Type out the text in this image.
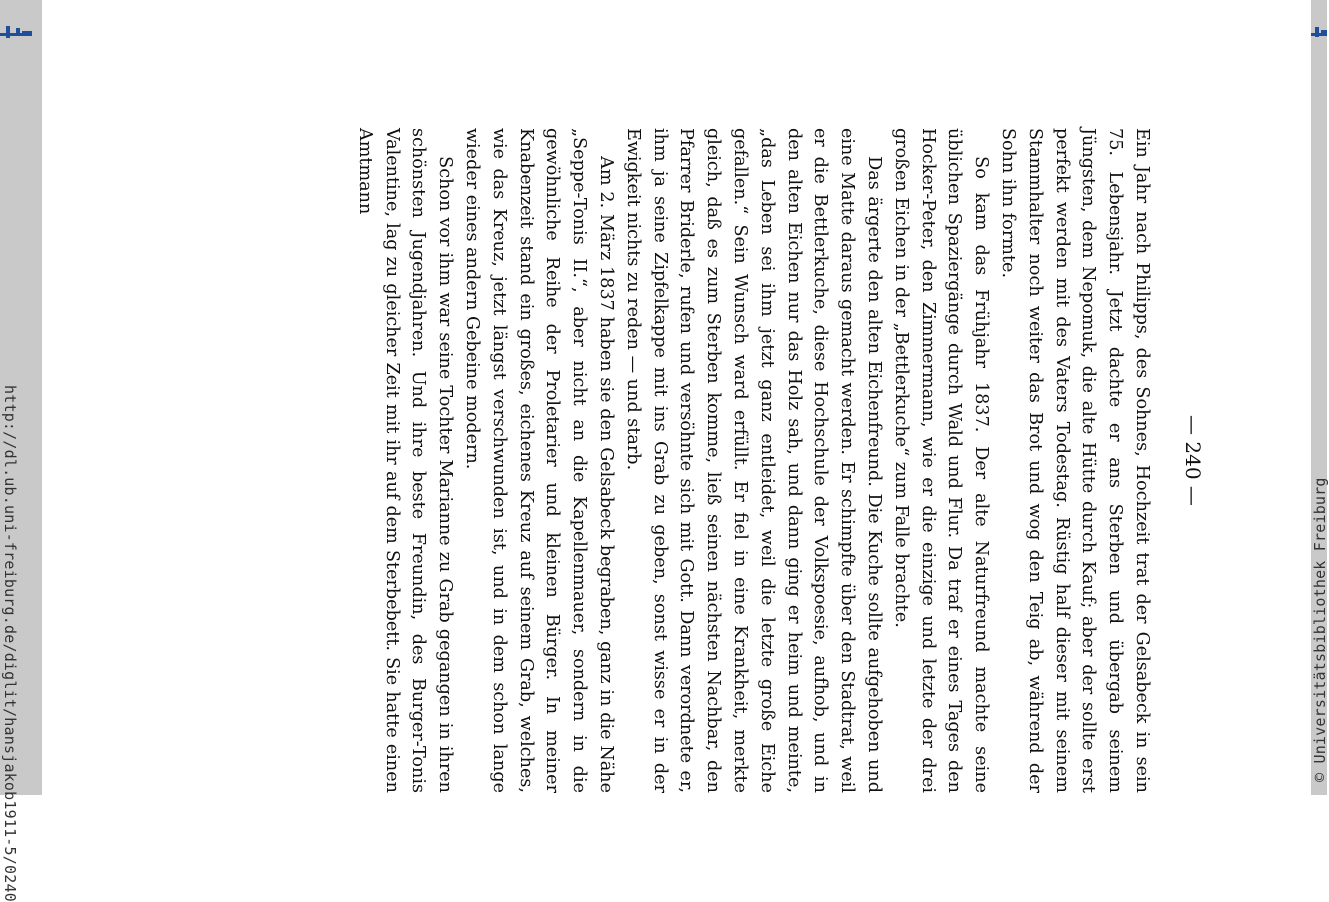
http://dl.ub.uni-freiburg.de/diglit/hansjakob1911-5/0240	© Universitätsbibliothek Freiburg
— 240 —

Ein Jahr nach Philipps, des Sohnes, Hochzeit trat der Gelsabeck in sein 75. Lebensjahr. Jetzt dachte er ans Sterben und übergab seinem Jüngsten, dem Nepomuk, die alte Hütte durch Kauf; aber der sollte erst perfekt werden mit des Vaters Todestag. Rüstig half dieser mit seinem Stammhalter noch weiter das Brot und wog den Teig ab, während der Sohn ihn formte.

So kam das Frühjahr 1837. Der alte Naturfreund machte seine üblichen Spaziergänge durch Wald und Flur. Da traf er eines Tages den Hocker-Peter, den Zimmermann, wie er die einzige und letzte der drei großen Eichen in der „Bettlerkuche“ zum Falle brachte.

Das ärgerte den alten Eichenfreund. Die Kuche sollte aufgehoben und eine Matte daraus gemacht werden. Er schimpfte über den Stadtrat, weil er die Bettlerkuche, diese Hochschule der Volkspoesie, aufhob, und in den alten Eichen nur das Holz sah, und dann ging er heim und meinte, „das Leben sei ihm jetzt ganz entleidet, weil die letzte große Eiche gefallen.“ Sein Wunsch ward erfüllt. Er fiel in eine Krankheit, merkte gleich, daß es zum Sterben komme, ließ seinen nächsten Nachbar, den Pfarrer Briderle, rufen und versöhnte sich mit Gott. Dann verordnete er, ihm ja seine Zipfelkappe mit ins Grab zu geben, sonst wisse er in der Ewigkeit nichts zu reden — und starb.

Am 2. März 1837 haben sie den Gelsabeck begraben, ganz in die Nähe „Seppe-Tonis II.“, aber nicht an die Kapellenmauer, sondern in die gewöhnliche Reihe der Proletarier und kleinen Bürger. In meiner Knabenzeit stand ein großes, eichenes Kreuz auf seinem Grab, welches, wie das Kreuz, jetzt längst verschwunden ist, und in dem schon lange wieder eines andern Gebeine modern.

Schon vor ihm war seine Tochter Marianne zu Grab gegangen in ihren schönsten Jugendjahren. Und ihre beste Freundin, des Burger-Tonis Valentine, lag zu gleicher Zeit mit ihr auf dem Sterbebett. Sie hatte einen Amtmann
